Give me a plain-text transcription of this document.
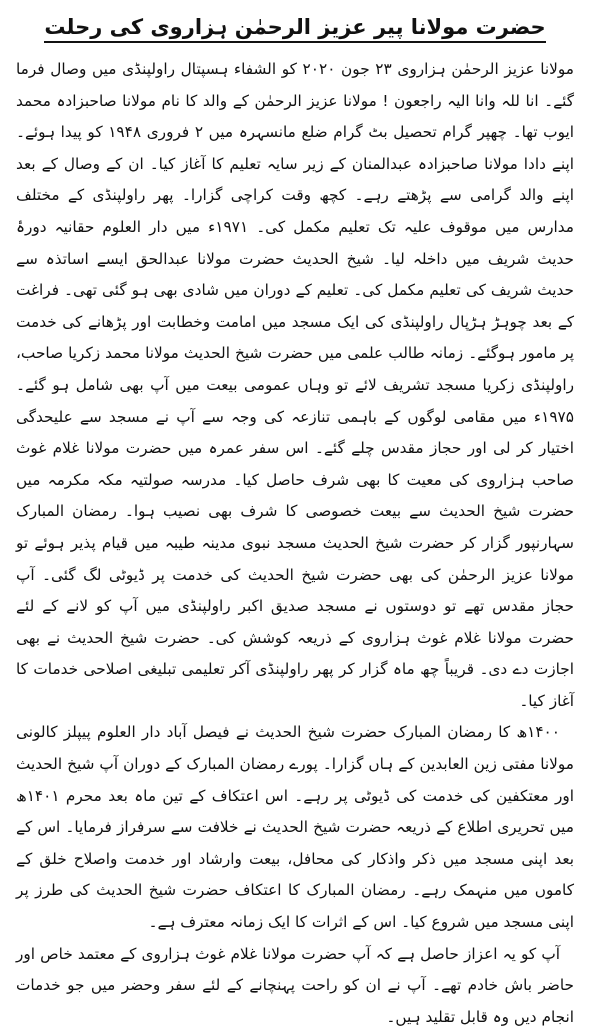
حضرت مولانا پیر عزیز الرحمٰن ہزاروی کی رحلت

مولانا عزیز الرحمٰن ہزاروی ۲۳ جون ۲۰۲۰ کو الشفاء ہسپتال راولپنڈی میں وصال فرما گئے۔ انا للہ وانا الیہ راجعون ! مولانا عزیز الرحمٰن کے والد کا نام مولانا صاحبزادہ محمد ایوب تھا۔ چھپر گرام تحصیل بٹ گرام ضلع مانسہرہ میں ۲ فروری ۱۹۴۸ کو پیدا ہوئے۔ اپنے دادا مولانا صاحبزادہ عبدالمنان کے زیر سایہ تعلیم کا آغاز کیا۔ ان کے وصال کے بعد اپنے والد گرامی سے پڑھتے رہے۔ کچھ وقت کراچی گزارا۔ پھر راولپنڈی کے مختلف مدارس میں موقوف علیہ تک تعلیم مکمل کی۔ ۱۹۷۱ء میں دار العلوم حقانیہ دورۂ حدیث شریف میں داخلہ لیا۔ شیخ الحدیث حضرت مولانا عبدالحق ایسے اساتذہ سے حدیث شریف کی تعلیم مکمل کی۔ تعلیم کے دوران میں شادی بھی ہو گئی تھی۔ فراغت کے بعد چوہڑ ہڑپال راولپنڈی کی ایک مسجد میں امامت وخطابت اور پڑھانے کی خدمت پر مامور ہوگئے۔ زمانہ طالب علمی میں حضرت شیخ الحدیث مولانا محمد زکریا صاحب، راولپنڈی زکریا مسجد تشریف لائے تو وہاں عمومی بیعت میں آپ بھی شامل ہو گئے۔ ۱۹۷۵ء میں مقامی لوگوں کے باہمی تنازعہ کی وجہ سے آپ نے مسجد سے علیحدگی اختیار کر لی اور حجاز مقدس چلے گئے۔ اس سفر عمرہ میں حضرت مولانا غلام غوث صاحب ہزاروی کی معیت کا بھی شرف حاصل کیا۔ مدرسہ صولتیہ مکہ مکرمہ میں حضرت شیخ الحدیث سے بیعت خصوصی کا شرف بھی نصیب ہوا۔ رمضان المبارک سہارنپور گزار کر حضرت شیخ الحدیث مسجد نبوی مدینہ طیبہ میں قیام پذیر ہوئے تو مولانا عزیز الرحمٰن کی بھی حضرت شیخ الحدیث کی خدمت پر ڈیوٹی لگ گئی۔ آپ حجاز مقدس تھے تو دوستوں نے مسجد صدیق اکبر راولپنڈی میں آپ کو لانے کے لئے حضرت مولانا غلام غوث ہزاروی کے ذریعہ کوشش کی۔ حضرت شیخ الحدیث نے بھی اجازت دے دی۔ قریباً چھ ماہ گزار کر پھر راولپنڈی آکر تعلیمی تبلیغی اصلاحی خدمات کا آغاز کیا۔

۱۴۰۰ھ کا رمضان المبارک حضرت شیخ الحدیث نے فیصل آباد دار العلوم پیپلز کالونی مولانا مفتی زین العابدین کے ہاں گزارا۔ پورے رمضان المبارک کے دوران آپ شیخ الحدیث اور معتکفین کی خدمت کی ڈیوٹی پر رہے۔ اس اعتکاف کے تین ماہ بعد محرم ۱۴۰۱ھ میں تحریری اطلاع کے ذریعہ حضرت شیخ الحدیث نے خلافت سے سرفراز فرمایا۔ اس کے بعد اپنی مسجد میں ذکر واذکار کی محافل، بیعت وارشاد اور خدمت واصلاح خلق کے کاموں میں منہمک رہے۔ رمضان المبارک کا اعتکاف حضرت شیخ الحدیث کی طرز پر اپنی مسجد میں شروع کیا۔ اس کے اثرات کا ایک زمانہ معترف ہے۔

آپ کو یہ اعزاز حاصل ہے کہ آپ حضرت مولانا غلام غوث ہزاروی کے معتمد خاص اور حاضر باش خادم تھے۔ آپ نے ان کو راحت پہنچانے کے لئے سفر وحضر میں جو خدمات انجام دیں وہ قابل تقلید ہیں۔
